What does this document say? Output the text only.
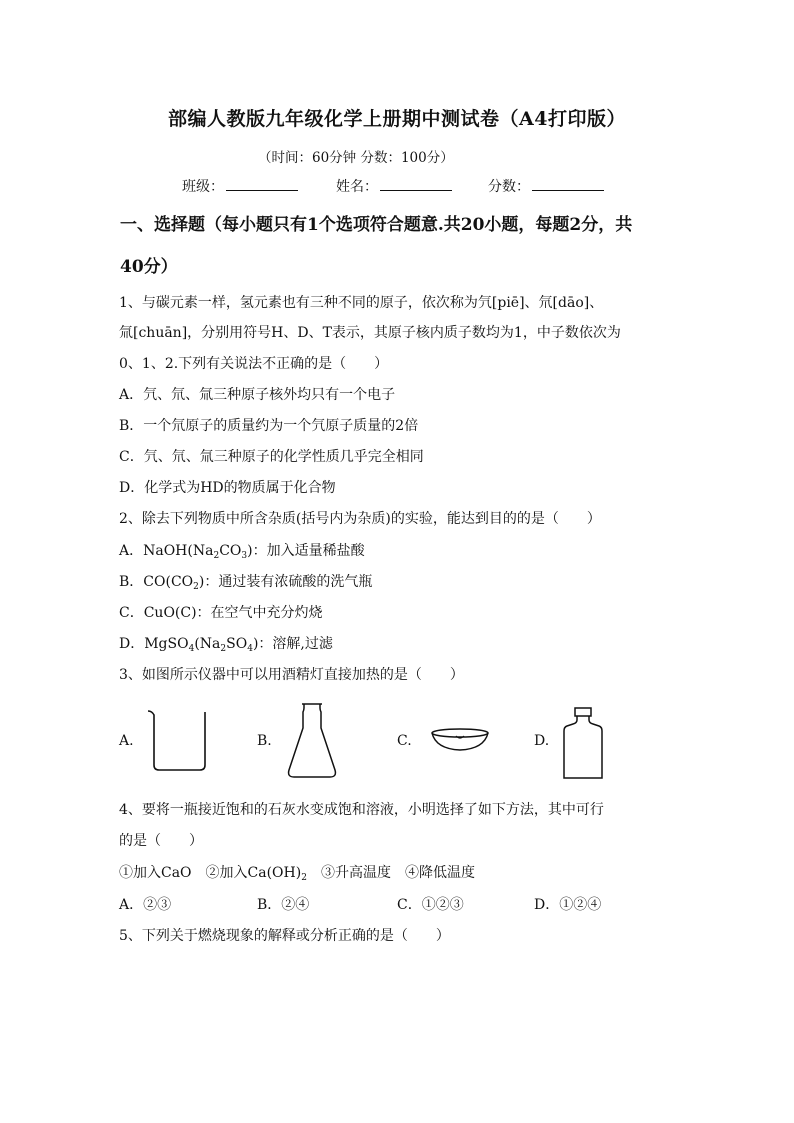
部编人教版九年级化学上册期中测试卷（A4打印版）
（时间：60分钟 分数：100分）
班级：	姓名：	分数：
一、选择题（每小题只有1个选项符合题意.共20小题，每题2分，共
40分）
1、与碳元素一样，氢元素也有三种不同的原子，依次称为氕[piē]、氘[dāo]、
氚[chuān]，分别用符号H、D、T表示，其原子核内质子数均为1，中子数依次为
0、1、2.下列有关说法不正确的是（　　）
A．氕、氘、氚三种原子核外均只有一个电子
B．一个氘原子的质量约为一个氕原子质量的2倍
C．氕、氘、氚三种原子的化学性质几乎完全相同
D．化学式为HD的物质属于化合物
2、除去下列物质中所含杂质(括号内为杂质)的实验，能达到目的的是（　　）
A．$NaOH(Na_2CO_3)$：加入适量稀盐酸
B．$CO(CO_2)$：通过装有浓硫酸的洗气瓶
C．CuO(C)：在空气中充分灼烧
D．$MgSO_4(Na_2SO_4)$：溶解,过滤
3、如图所示仪器中可以用酒精灯直接加热的是（　　）
A.	B.	C.	D.
4、要将一瓶接近饱和的石灰水变成饱和溶液，小明选择了如下方法，其中可行
的是（　　）
①加入CaO　②加入$Ca(OH)_2$　③升高温度　④降低温度
A．②③	B．②④	C．①②③	D．①②④
5、下列关于燃烧现象的解释或分析正确的是（　　）
